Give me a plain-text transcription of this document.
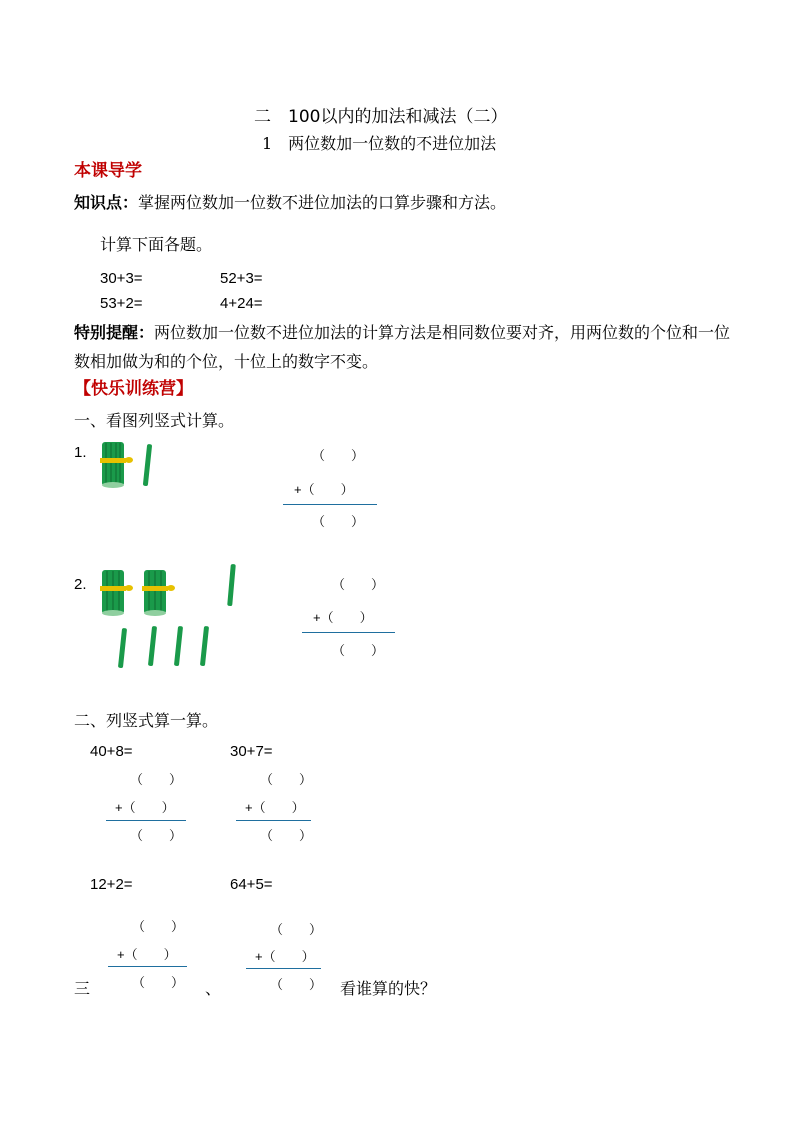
二　100以内的加法和减法（二）
1　两位数加一位数的不进位加法
本课导学
知识点：掌握两位数加一位数不进位加法的口算步骤和方法。
计算下面各题。
30+3=	52+3=
53+2=	4+24=
特别提醒：两位数加一位数不进位加法的计算方法是相同数位要对齐，用两位数的个位和一位数相加做为和的个位，十位上的数字不变。
【快乐训练营】
一、看图列竖式计算。
1.	（　　）
+（　　）
（　　）
2.	（　　）
+（　　）
（　　）
二、列竖式算一算。
40+8=	30+7=
（　　）
+（　　）
（　　）
（　　）
+（　　）
（　　）
12+2=	64+5=
（　　）
+（　　）
（　　）
（　　）
+（　　）
（　　）
三	、	看谁算的快？
